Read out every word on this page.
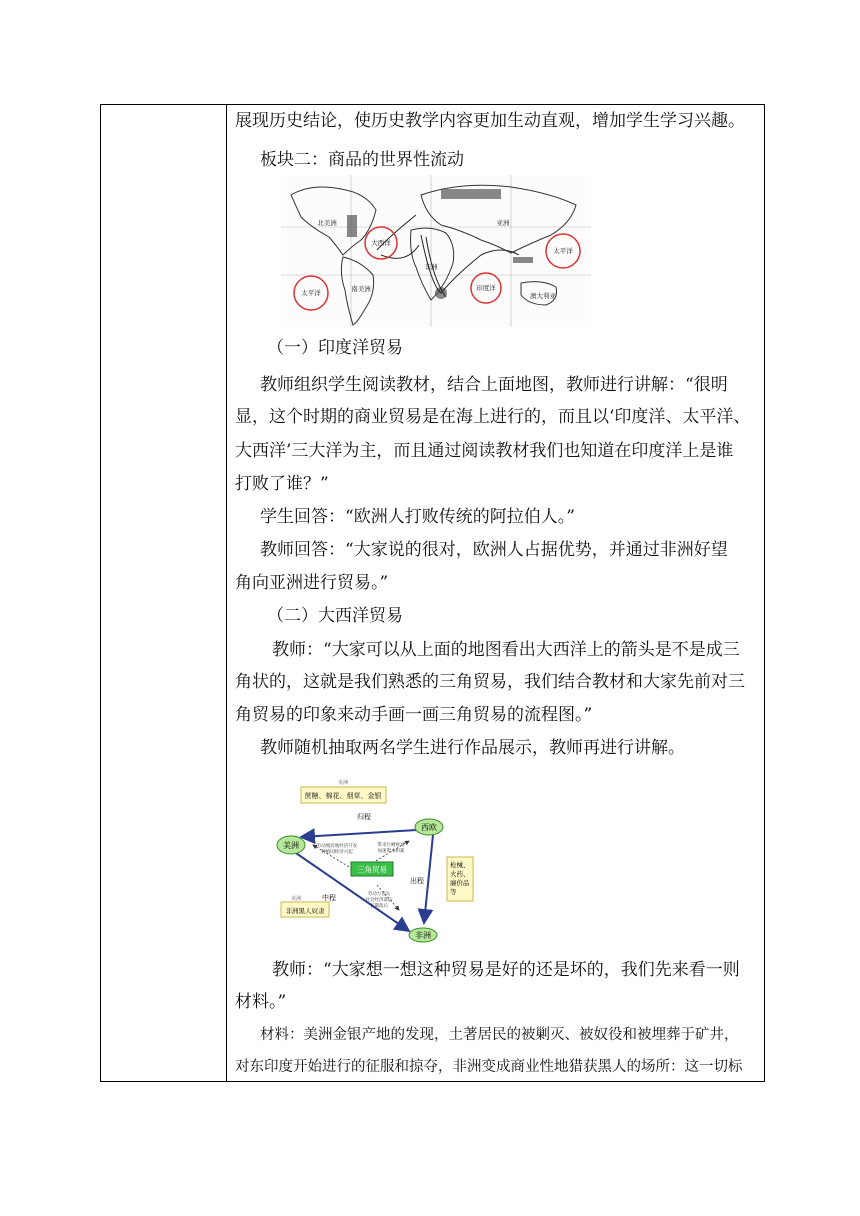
展现历史结论，使历史教学内容更加生动直观，增加学生学习兴趣。
板块二：商品的世界性流动
北美洲
南美洲
非洲
亚洲
澳大利亚
大西洋
太平洋
印度洋
太平洋
（一）印度洋贸易
教师组织学生阅读教材，结合上面地图，教师进行讲解：“很明
显，这个时期的商业贸易是在海上进行的，而且以‘印度洋、太平洋、
大西洋’三大洋为主，而且通过阅读教材我们也知道在印度洋上是谁
打败了谁？”
学生回答：“欧洲人打败传统的阿拉伯人。”
教师回答：“大家说的很对，欧洲人占据优势，并通过非洲好望
角向亚洲进行贸易。”
（二）大西洋贸易
教师：“大家可以从上面的地图看出大西洋上的箭头是不是成三
角状的，这就是我们熟悉的三角贸易，我们结合教材和大家先前对三
角贸易的印象来动手画一画三角贸易的流程图。”
教师随机抽取两名学生进行作品展示，教师再进行讲解。
美洲
蔗糖、棉花、烟草、金银
西欧
美洲
非洲
三角贸易
归程
出程
中程
带来巨额财富
加速资本积累
劳动殖民地经济开发
种植园经济兴起
劳动力丧失
社会经济落后
长期落后
枪械、
火药、
廉价品
等
美洲
非洲黑人奴隶
教师：“大家想一想这种贸易是好的还是坏的，我们先来看一则
材料。”
材料：美洲金银产地的发现，土著居民的被剿灭、被奴役和被埋葬于矿井，
对东印度开始进行的征服和掠夺，非洲变成商业性地猎获黑人的场所：这一切标
